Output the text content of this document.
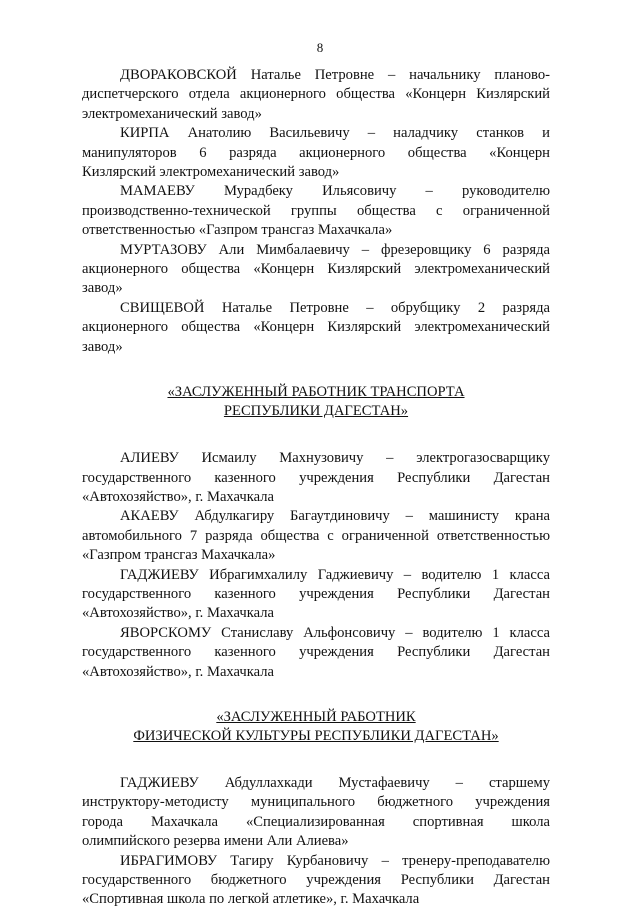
8

ДВОРАКОВСКОЙ Наталье Петровне – начальнику планово-
диспетчерского отдела акционерного общества «Концерн Кизлярский
электромеханический завод»

КИРПА Анатолию Васильевичу – наладчику станков и
манипуляторов 6 разряда акционерного общества «Концерн
Кизлярский электромеханический завод»

МАМАЕВУ Мурадбеку Ильясовичу – руководителю
производственно-технической группы общества с ограниченной
ответственностью «Газпром трансгаз Махачкала»

МУРТАЗОВУ Али Мимбалаевичу – фрезеровщику 6 разряда
акционерного общества «Концерн Кизлярский электромеханический
завод»

СВИЩЕВОЙ Наталье Петровне – обрубщику 2 разряда
акционерного общества «Концерн Кизлярский электромеханический
завод»

«ЗАСЛУЖЕННЫЙ РАБОТНИК ТРАНСПОРТА
РЕСПУБЛИКИ ДАГЕСТАН»

АЛИЕВУ Исмаилу Махнузовичу – электрогазосварщику
государственного казенного учреждения Республики Дагестан
«Автохозяйство», г. Махачкала

АКАЕВУ Абдулкагиру Багаутдиновичу – машинисту крана
автомобильного 7 разряда общества с ограниченной ответственностью
«Газпром трансгаз Махачкала»

ГАДЖИЕВУ Ибрагимхалилу Гаджиевичу – водителю 1 класса
государственного казенного учреждения Республики Дагестан
«Автохозяйство», г. Махачкала

ЯВОРСКОМУ Станиславу Альфонсовичу – водителю 1 класса
государственного казенного учреждения Республики Дагестан
«Автохозяйство», г. Махачкала

«ЗАСЛУЖЕННЫЙ РАБОТНИК
ФИЗИЧЕСКОЙ КУЛЬТУРЫ РЕСПУБЛИКИ ДАГЕСТАН»

ГАДЖИЕВУ Абдуллахкади Мустафаевичу – старшему
инструктору-методисту муниципального бюджетного учреждения
города Махачкала «Специализированная спортивная школа
олимпийского резерва имени Али Алиева»

ИБРАГИМОВУ Тагиру Курбановичу – тренеру-преподавателю
государственного бюджетного учреждения Республики Дагестан
«Спортивная школа по легкой атлетике», г. Махачкала
